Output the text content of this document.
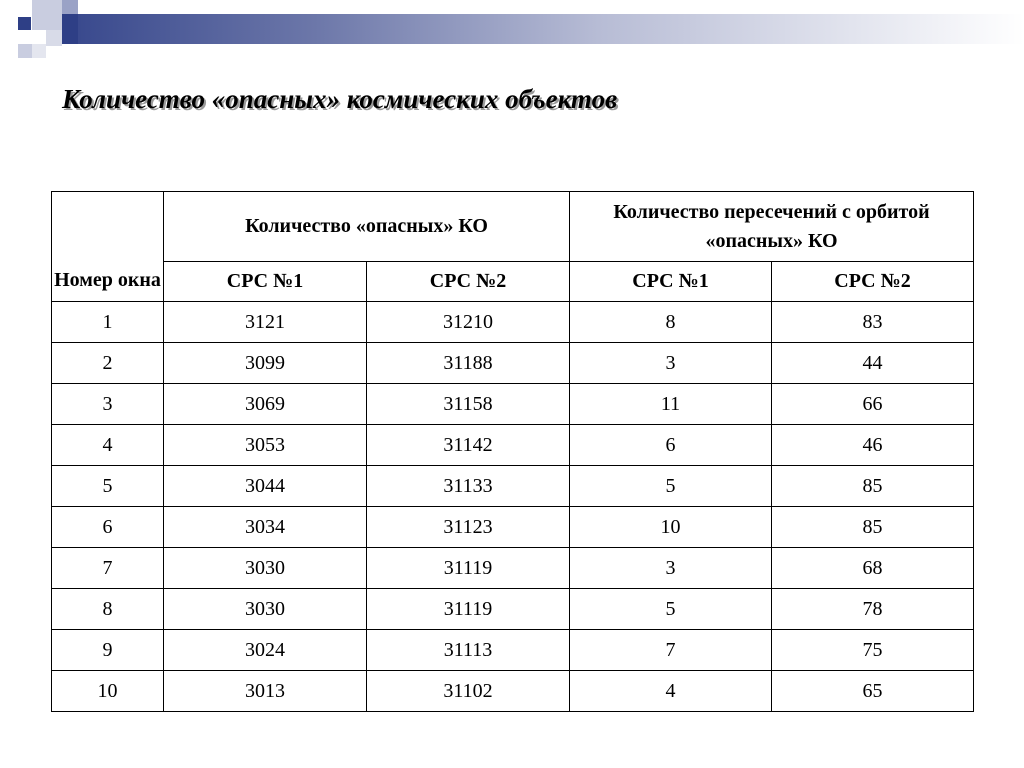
Количество «опасных» космических объектов
Номер окна	Количество «опасных» КО		Количество пересечений с орбитой «опасных» КО	
	СРС №1	СРС №2	СРС №1	СРС №2
1	3121	31210	8	83
2	3099	31188	3	44
3	3069	31158	11	66
4	3053	31142	6	46
5	3044	31133	5	85
6	3034	31123	10	85
7	3030	31119	3	68
8	3030	31119	5	78
9	3024	31113	7	75
10	3013	31102	4	65
